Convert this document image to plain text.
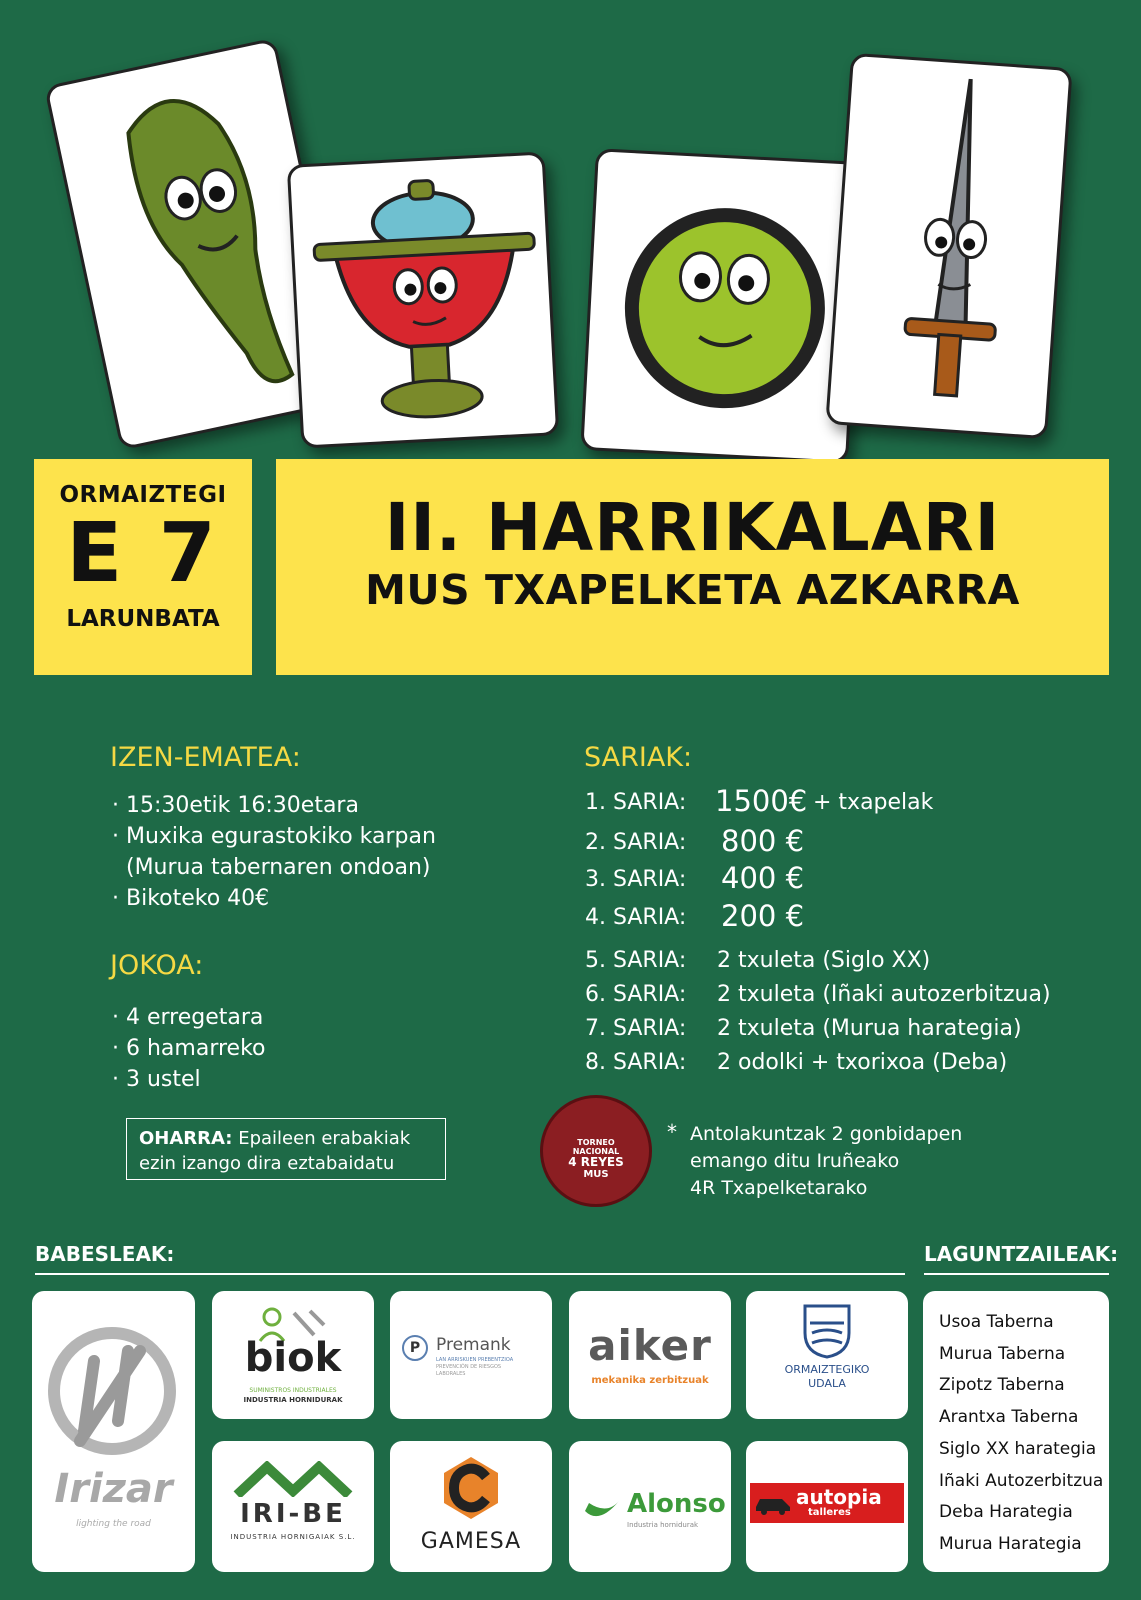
ORMAIZTEGI
E 7
LARUNBATA
II. HARRIKALARI
MUS TXAPELKETA AZKARRA
IZEN-EMATEA:
· 15:30etik 16:30etara
· Muxika egurastokiko karpan
(Murua tabernaren ondoan)
· Bikoteko 40€
JOKOA:
· 4 erregetara
· 6 hamarreko
· 3 ustel
OHARRA: Epaileen erabakiak
ezin izango dira eztabaidatu
SARIAK:
1. SARIA: 1500€ + txapelak
2. SARIA: 800 €
3. SARIA: 400 €
4. SARIA: 200 €
5. SARIA: 2 txuleta (Siglo XX)
6. SARIA: 2 txuleta (Iñaki autozerbitzua)
7. SARIA: 2 txuleta (Murua harategia)
8. SARIA: 2 odolki + txorixoa (Deba)
TORNEO
NACIONAL
4 REYES
MUS
* Antolakuntzak 2 gonbidapen
emango ditu Iruñeako
4R Txapelketarako
BABESLEAK:	LAGUNTZAILEAK:
Irizar
lighting the road
biok
SUMINISTROS INDUSTRIALES
INDUSTRIA HORNIDURAK
P Premank
LAN ARRISKUEN PREBENTZIOA
PREVENCIÓN DE RIESGOS
LABORALES
aiker
mekanika zerbitzuak
ORMAIZTEGIKO
UDALA
IRI-BE
INDUSTRIA HORNIGAIAK S.L.	GAMESA
Alonso
Industria hornidurak
autopia
talleres
Usoa Taberna
Murua Taberna
Zipotz Taberna
Arantxa Taberna
Siglo XX harategia
Iñaki Autozerbitzua
Deba Harategia
Murua Harategia
